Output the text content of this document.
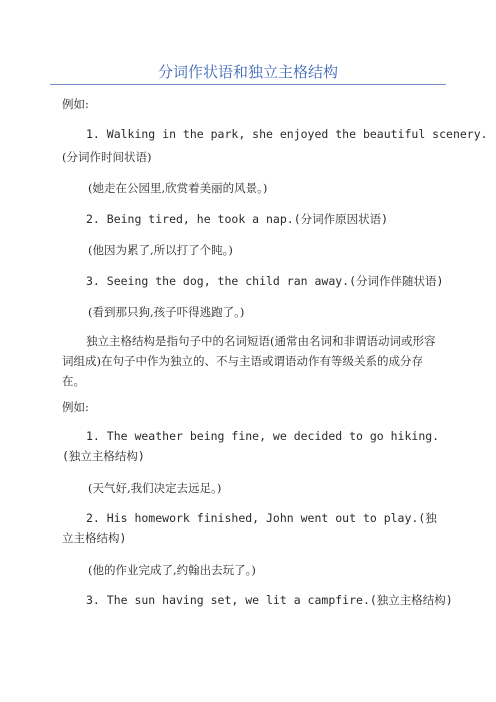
分词作状语和独立主格结构
例如:
1. Walking in the park, she enjoyed the beautiful scenery.
(分词作时间状语)
(她走在公园里,欣赏着美丽的风景。)
2. Being tired, he took a nap.(分词作原因状语)
(他因为累了,所以打了个盹。)
3. Seeing the dog, the child ran away.(分词作伴随状语)
(看到那只狗,孩子吓得逃跑了。)
独立主格结构是指句子中的名词短语(通常由名词和非谓语动词或形容词组成)在句子中作为独立的、不与主语或谓语动作有等级关系的成分存在。
例如:
1. The weather being fine, we decided to go hiking.(独立主格结构)
(天气好,我们决定去远足。)
2. His homework finished, John went out to play.(独立主格结构)
(他的作业完成了,约翰出去玩了。)
3. The sun having set, we lit a campfire.(独立主格结构)
